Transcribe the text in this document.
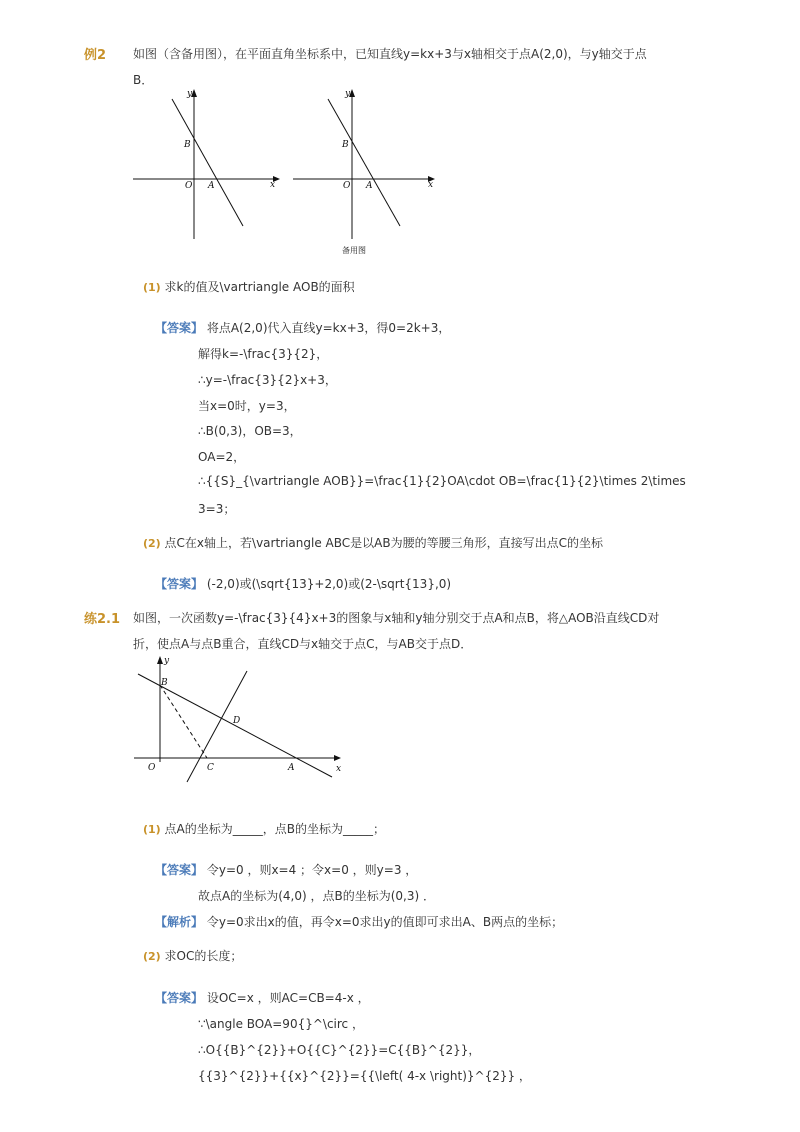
例2 如图（含备用图），在平面直角坐标系中，已知直线y=kx+3与x轴相交于点A(2,0)，与y轴交于点
B．
y
x
B
O A
y
x
B
O A
备用图
(1) 求k的值及\vartriangle AOB的面积
【答案】 将点A(2,0)代入直线y=kx+3，得0=2k+3，
解得k=-\frac{3}{2}，
∴y=-\frac{3}{2}x+3，
当x=0时，y=3，
∴B(0,3)，OB=3，
OA=2，
∴{{S}_{\vartriangle AOB}}=\frac{1}{2}OA\cdot OB=\frac{1}{2}\times 2\times
3=3；
(2) 点C在x轴上，若\vartriangle ABC是以AB为腰的等腰三角形，直接写出点C的坐标
【答案】 (-2,0)或(\sqrt{13}+2,0)或(2-\sqrt{13},0)
练2.1 如图，一次函数y=-\frac{3}{4}x+3的图象与x轴和y轴分别交于点A和点B，将△AOB沿直线CD对
折，使点A与点B重合，直线CD与x轴交于点C，与AB交于点D．
y
x
B
D
O	C	A
(1) 点A的坐标为_____，点B的坐标为_____；
【答案】 令y=0 ，则x=4 ；令x=0 ，则y=3 ，
故点A的坐标为(4,0) ，点B的坐标为(0,3) ．
【解析】 令y=0求出x的值，再令x=0求出y的值即可求出A、B两点的坐标；
(2) 求OC的长度；
【答案】 设OC=x ，则AC=CB=4-x ，
∵\angle BOA=90{}^\circ ，
∴O{{B}^{2}}+O{{C}^{2}}=C{{B}^{2}}，
{{3}^{2}}+{{x}^{2}}={{\left( 4-x \right)}^{2}} ，
